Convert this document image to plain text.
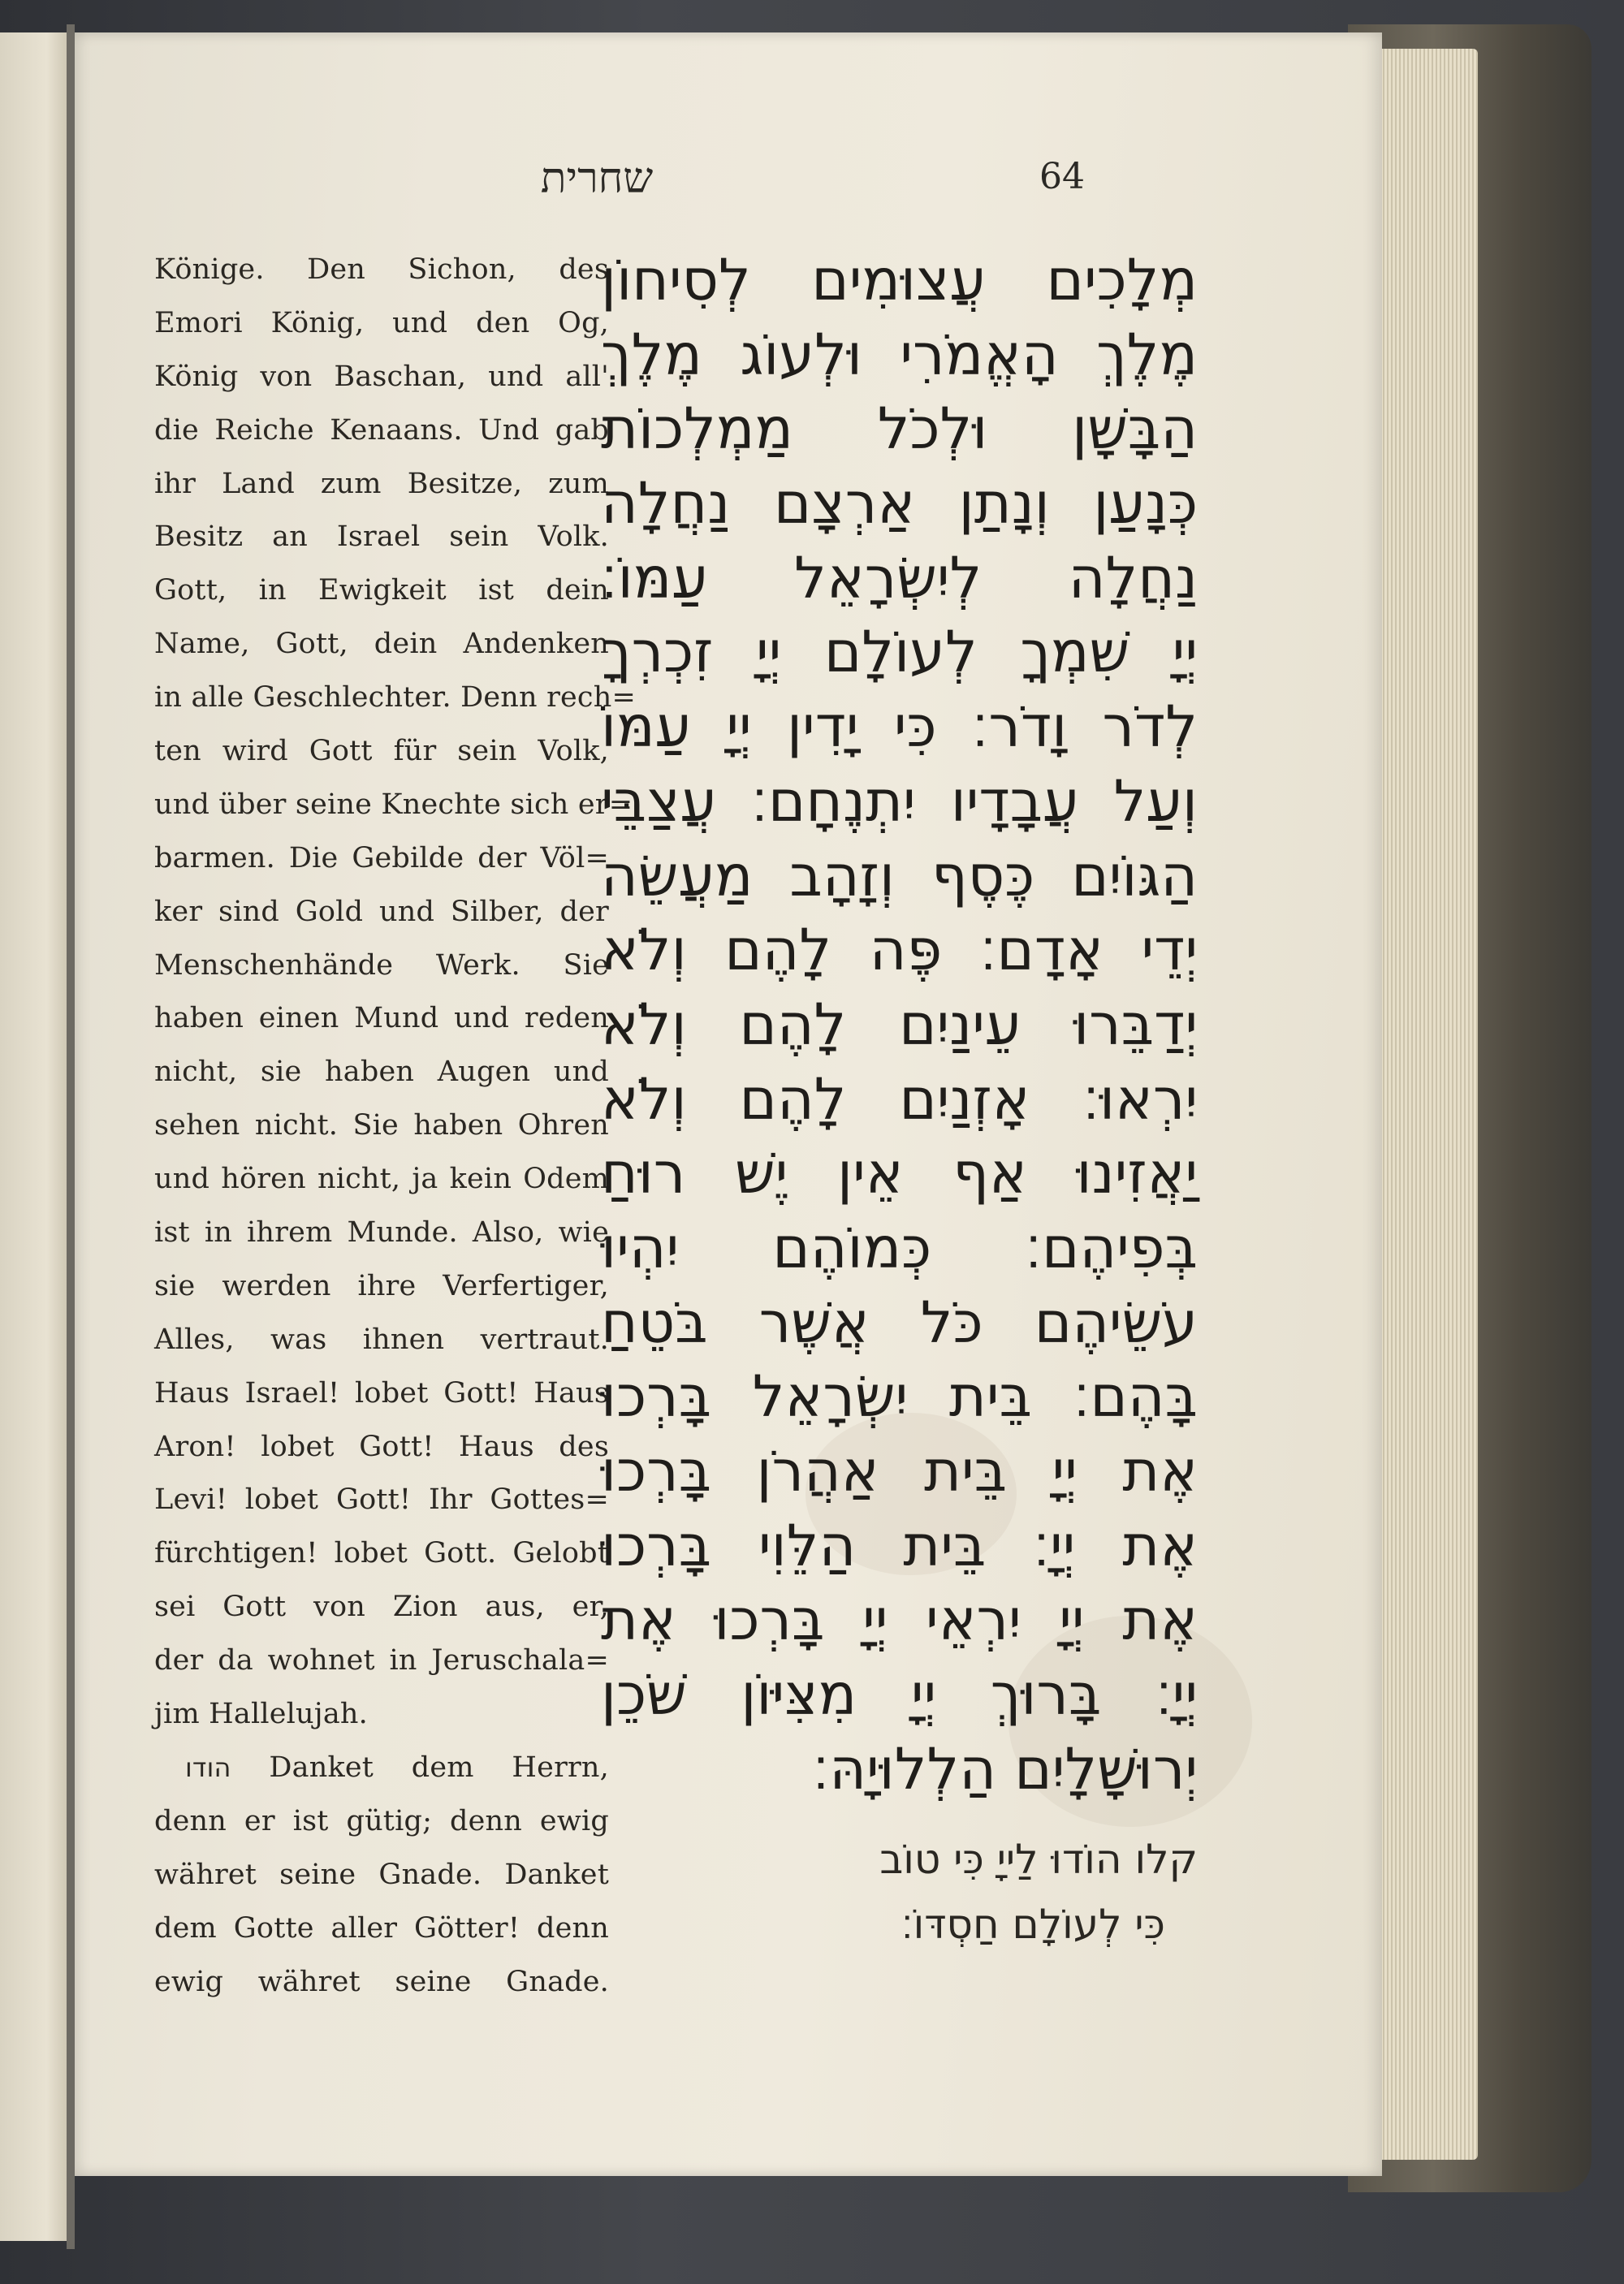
שחרית	64
Könige. Den Sichon, des
Emori König, und den Og,
König von Baschan, und all'
die Reiche Kenaans. Und gab
ihr Land zum Besitze, zum
Besitz an Israel sein Volk.
Gott, in Ewigkeit ist dein
Name, Gott, dein Andenken
in alle Geschlechter. Denn rech=
ten wird Gott für sein Volk,
und über seine Knechte sich er=
barmen. Die Gebilde der Völ=
ker sind Gold und Silber, der
Menschenhände Werk. Sie
haben einen Mund und reden
nicht, sie haben Augen und
sehen nicht. Sie haben Ohren
und hören nicht, ja kein Odem
ist in ihrem Munde. Also, wie
sie werden ihre Verfertiger,
Alles, was ihnen vertraut.
Haus Israel! lobet Gott! Haus
Aron! lobet Gott! Haus des
Levi! lobet Gott! Ihr Gottes=
fürchtigen! lobet Gott. Gelobt
sei Gott von Zion aus, er,
der da wohnet in Jeruschala=
jim Hallelujah.
הודו Danket dem Herrn,
denn er ist gütig; denn ewig
währet seine Gnade. Danket
dem Gotte aller Götter! denn
ewig währet seine Gnade.
מְלָכִים עֲצוּמִים לְסִיחוֹן
מֶלֶךְ הָאֱמֹרִי וּלְעוֹג מֶלֶךְ
הַבָּשָׁן וּלְכֹל מַמְלְכוֹת
כְּנָעַן וְנָתַן אַרְצָם נַחֲלָה
נַחֲלָה לְיִשְׂרָאֵל עַמּוֹ׃
יְיָ שִׁמְךָ לְעוֹלָם יְיָ זִכְרְךָ
לְדֹר וָדֹר׃ כִּי יָדִין יְיָ עַמּוֹ
וְעַל עֲבָדָיו יִתְנֶחָם׃ עֲצַבֵּי
הַגּוֹיִם כֶּסֶף וְזָהָב מַעֲשֵׂה
יְדֵי אָדָם׃ פֶּה לָהֶם וְלֹא
יְדַבֵּרוּ עֵינַיִם לָהֶם וְלֹא
יִרְאוּ׃ אָזְנַיִם לָהֶם וְלֹא
יַאֲזִינוּ אַף אֵין יֶשׁ רוּחַ
בְּפִיהֶם׃ כְּמוֹהֶם יִהְיוּ
עֹשֵׂיהֶם כֹּל אֲשֶׁר בֹּטֵחַ
בָּהֶם׃ בֵּית יִשְׂרָאֵל בָּרְכוּ
אֶת יְיָ בֵּית אַהֲרֹן בָּרְכוּ
אֶת יְיָ׃ בֵּית הַלֵּוִי בָּרְכוּ
אֶת יְיָ יִרְאֵי יְיָ בָּרְכוּ אֶת
יְיָ׃ בָּרוּךְ יְיָ מִצִּיּוֹן שֹׁכֵן
יְרוּשָׁלָיִם הַלְלוּיָהּ׃
קלו הוֹדוּ לַייָ כִּי טוֹב
כִּי לְעוֹלָם חַסְדּוֹ׃
